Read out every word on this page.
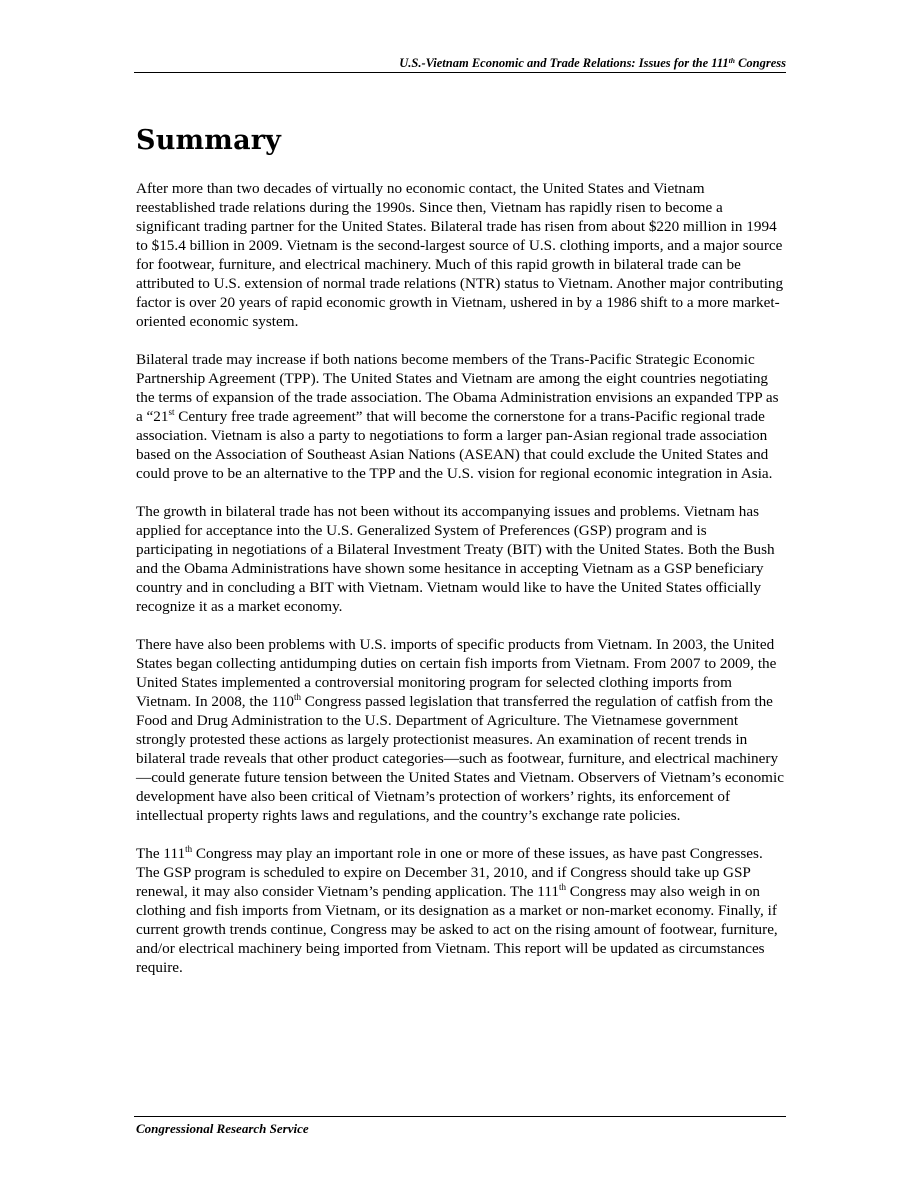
U.S.-Vietnam Economic and Trade Relations: Issues for the 111th Congress
Summary

After more than two decades of virtually no economic contact, the United States and Vietnam reestablished trade relations during the 1990s. Since then, Vietnam has rapidly risen to become a significant trading partner for the United States. Bilateral trade has risen from about $220 million in 1994 to $15.4 billion in 2009. Vietnam is the second-largest source of U.S. clothing imports, and a major source for footwear, furniture, and electrical machinery. Much of this rapid growth in bilateral trade can be attributed to U.S. extension of normal trade relations (NTR) status to Vietnam. Another major contributing factor is over 20 years of rapid economic growth in Vietnam, ushered in by a 1986 shift to a more market-oriented economic system.

Bilateral trade may increase if both nations become members of the Trans-Pacific Strategic Economic Partnership Agreement (TPP). The United States and Vietnam are among the eight countries negotiating the terms of expansion of the trade association. The Obama Administration envisions an expanded TPP as a “21st Century free trade agreement” that will become the cornerstone for a trans-Pacific regional trade association. Vietnam is also a party to negotiations to form a larger pan-Asian regional trade association based on the Association of Southeast Asian Nations (ASEAN) that could exclude the United States and could prove to be an alternative to the TPP and the U.S. vision for regional economic integration in Asia.

The growth in bilateral trade has not been without its accompanying issues and problems. Vietnam has applied for acceptance into the U.S. Generalized System of Preferences (GSP) program and is participating in negotiations of a Bilateral Investment Treaty (BIT) with the United States. Both the Bush and the Obama Administrations have shown some hesitance in accepting Vietnam as a GSP beneficiary country and in concluding a BIT with Vietnam. Vietnam would like to have the United States officially recognize it as a market economy.

There have also been problems with U.S. imports of specific products from Vietnam. In 2003, the United States began collecting antidumping duties on certain fish imports from Vietnam. From 2007 to 2009, the United States implemented a controversial monitoring program for selected clothing imports from Vietnam. In 2008, the 110th Congress passed legislation that transferred the regulation of catfish from the Food and Drug Administration to the U.S. Department of Agriculture. The Vietnamese government strongly protested these actions as largely protectionist measures. An examination of recent trends in bilateral trade reveals that other product categories—such as footwear, furniture, and electrical machinery—could generate future tension between the United States and Vietnam. Observers of Vietnam’s economic development have also been critical of Vietnam’s protection of workers’ rights, its enforcement of intellectual property rights laws and regulations, and the country’s exchange rate policies.

The 111th Congress may play an important role in one or more of these issues, as have past Congresses. The GSP program is scheduled to expire on December 31, 2010, and if Congress should take up GSP renewal, it may also consider Vietnam’s pending application. The 111th Congress may also weigh in on clothing and fish imports from Vietnam, or its designation as a market or non-market economy. Finally, if current growth trends continue, Congress may be asked to act on the rising amount of footwear, furniture, and/or electrical machinery being imported from Vietnam. This report will be updated as circumstances require.

Congressional Research Service
